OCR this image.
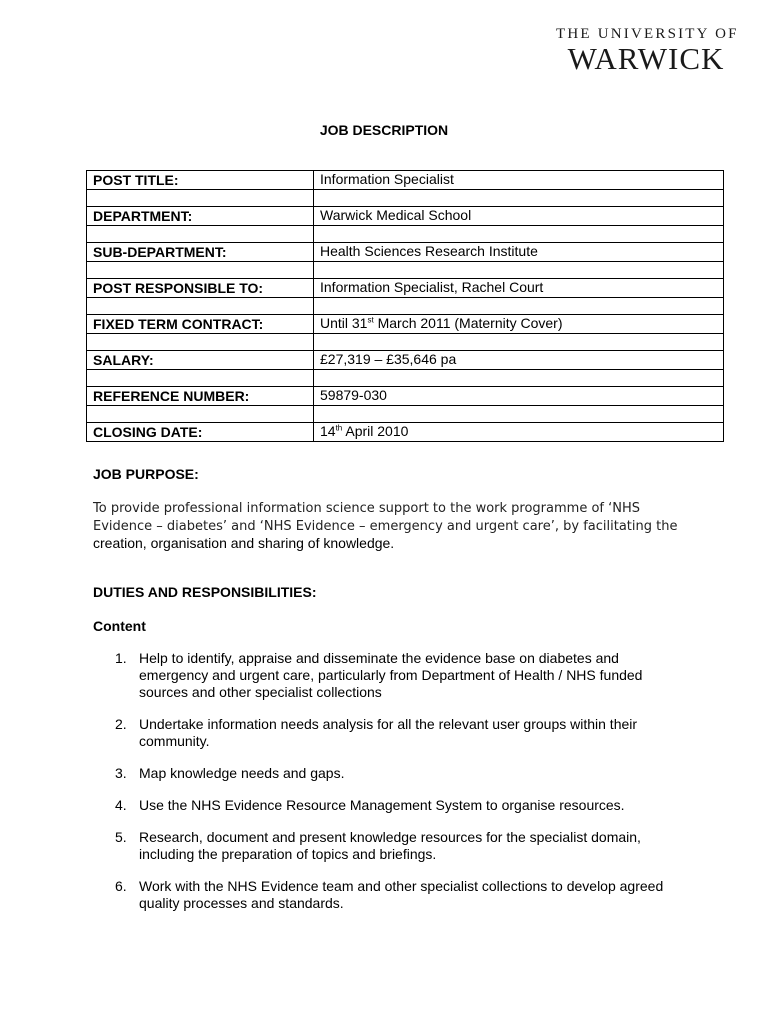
THE UNIVERSITY OF
WARWICK
JOB DESCRIPTION
POST TITLE:	Information Specialist

DEPARTMENT:	Warwick Medical School

SUB-DEPARTMENT:	Health Sciences Research Institute

POST RESPONSIBLE TO:	Information Specialist, Rachel Court

FIXED TERM CONTRACT:	Until 31st March 2011 (Maternity Cover)

SALARY:	£27,319 – £35,646 pa

REFERENCE NUMBER:	59879-030

CLOSING DATE:	14th April 2010
JOB PURPOSE:
To provide professional information science support to the work programme of ‘NHS
Evidence – diabetes’ and ‘NHS Evidence – emergency and urgent care’, by facilitating the
creation, organisation and sharing of knowledge.
DUTIES AND RESPONSIBILITIES:
Content
1. Help to identify, appraise and disseminate the evidence base on diabetes and emergency and urgent care, particularly from Department of Health / NHS funded sources and other specialist collections
2. Undertake information needs analysis for all the relevant user groups within their community.
3. Map knowledge needs and gaps.
4. Use the NHS Evidence Resource Management System to organise resources.
5. Research, document and present knowledge resources for the specialist domain, including the preparation of topics and briefings.
6. Work with the NHS Evidence team and other specialist collections to develop agreed quality processes and standards.
